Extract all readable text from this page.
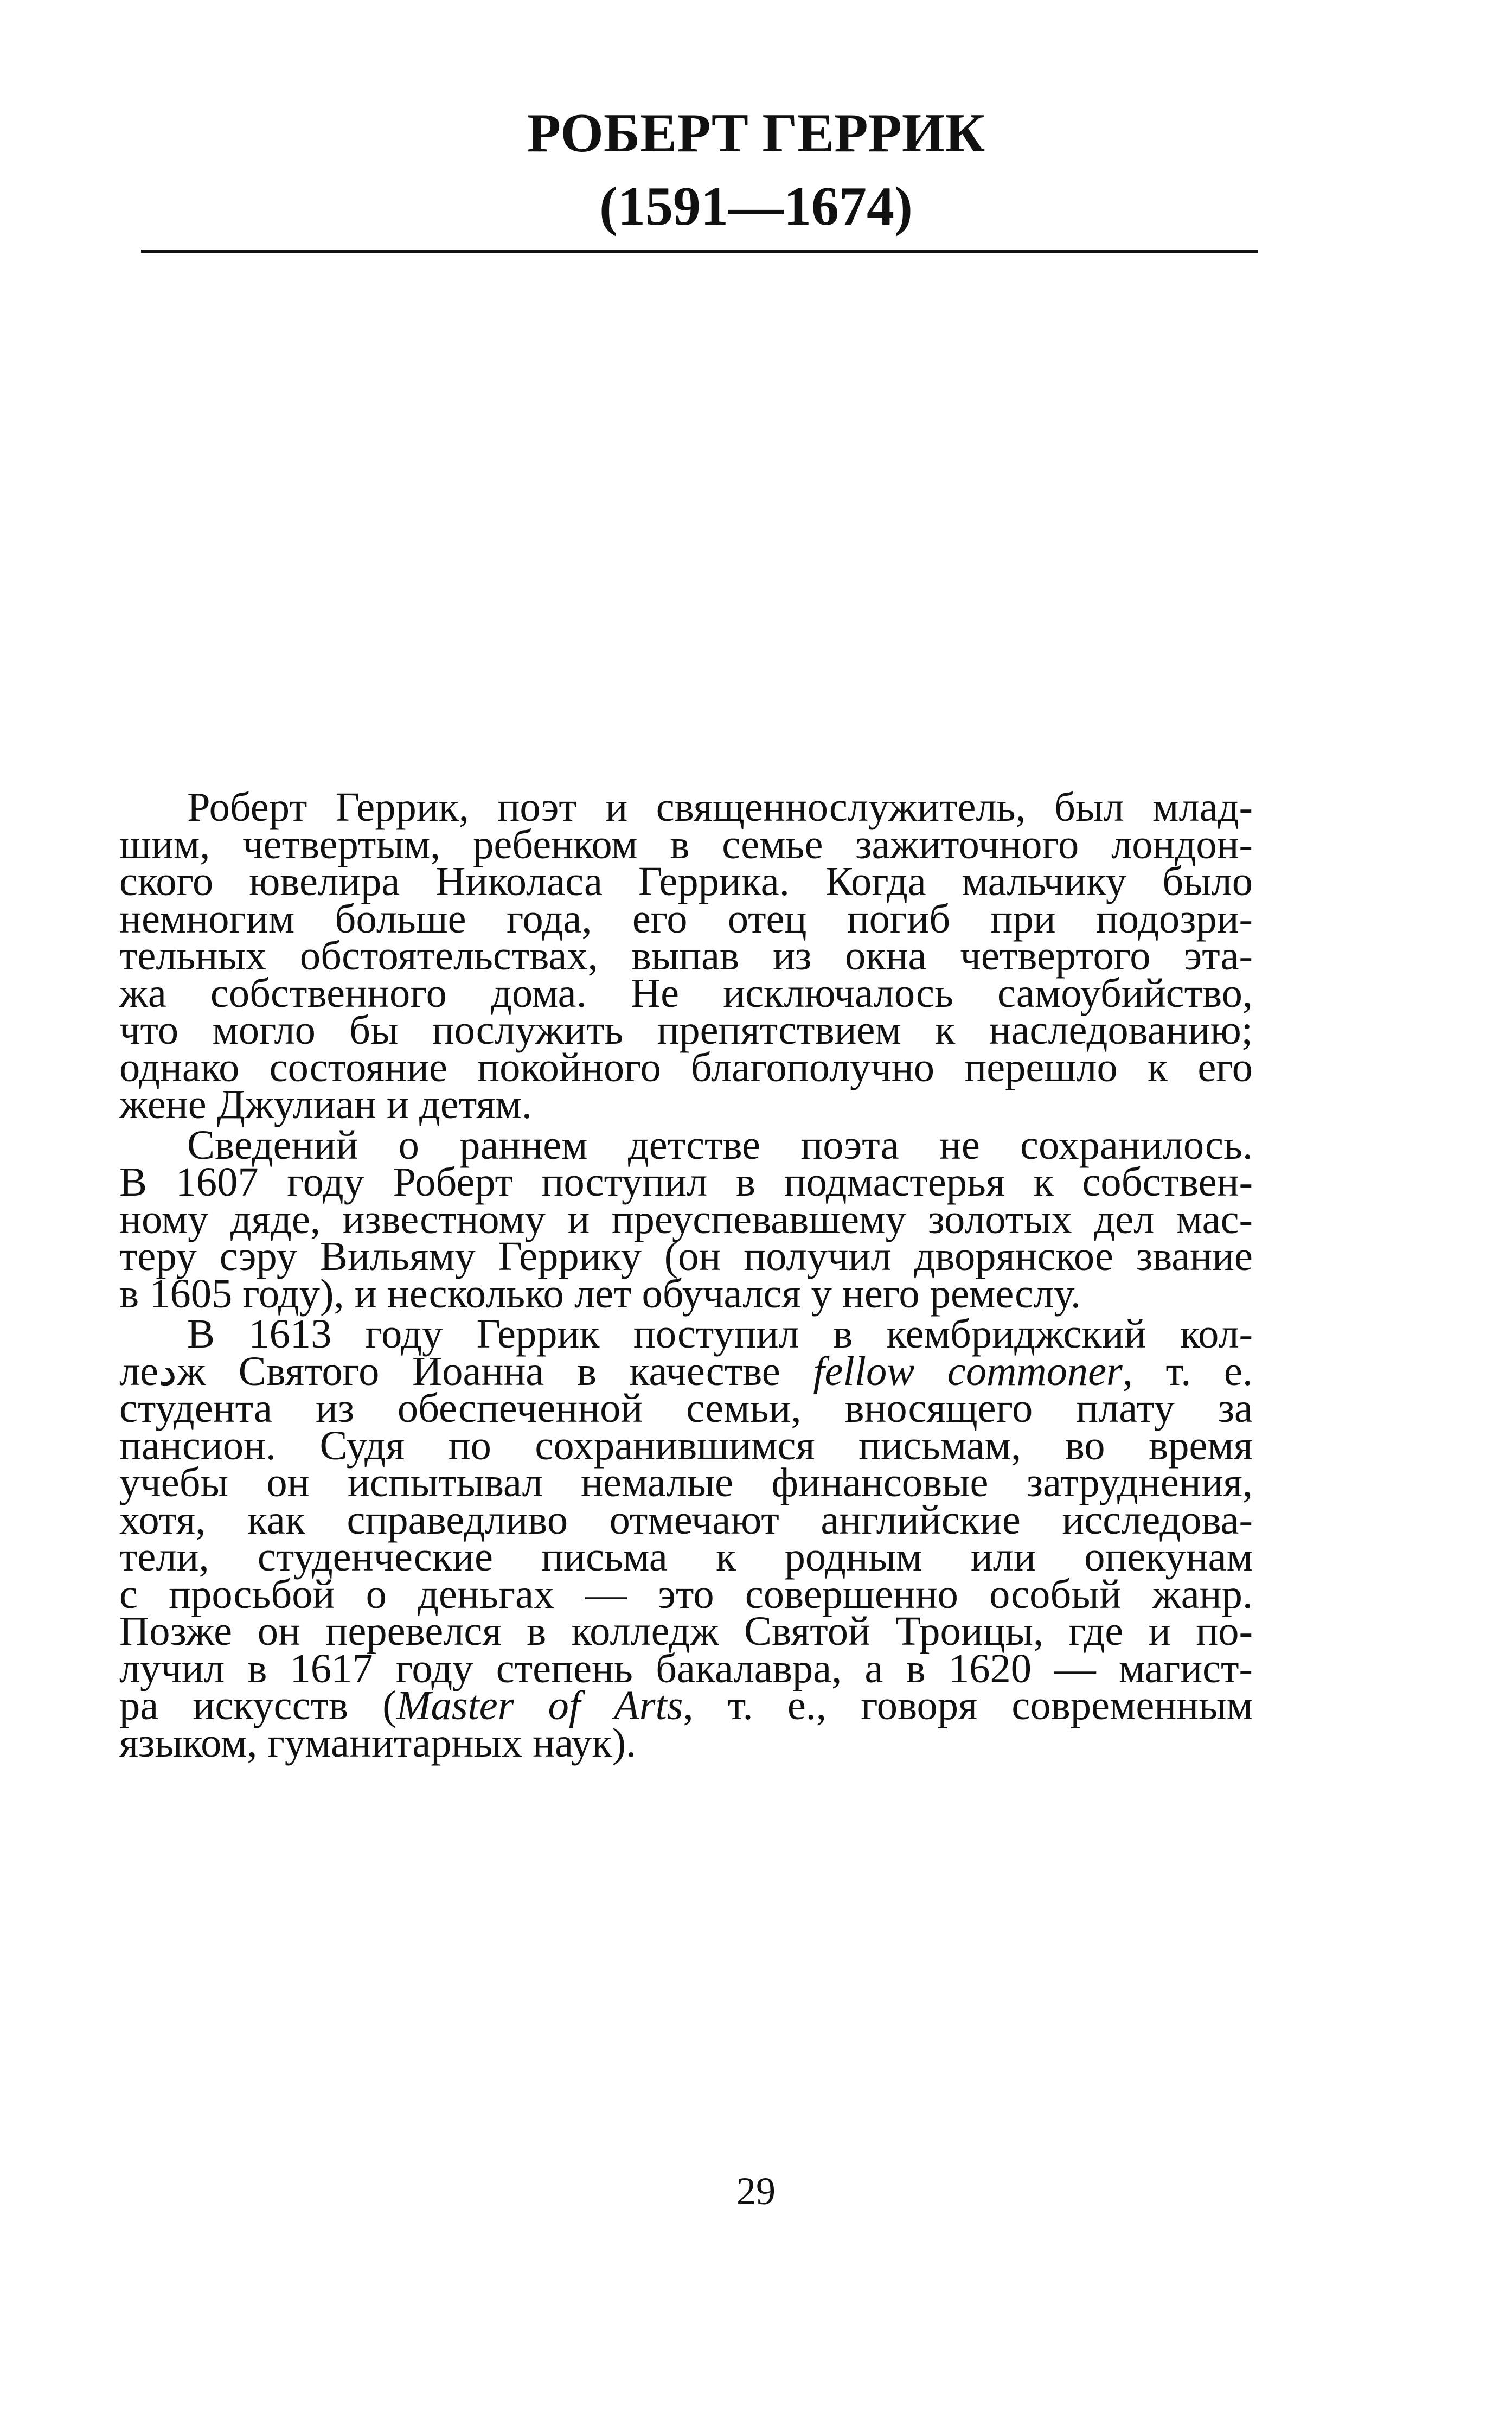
РОБЕРТ ГЕРРИК
(1591—1674)
Роберт Геррик, поэт и священнослужитель, был млад-
шим, четвертым, ребенком в семье зажиточного лондон-
ского ювелира Николаса Геррика. Когда мальчику было
немногим больше года, его отец погиб при подозри-
тельных обстоятельствах, выпав из окна четвертого эта-
жа собственного дома. Не исключалось самоубийство,
что могло бы послужить препятствием к наследованию;
однако состояние покойного благополучно перешло к его
жене Джулиан и детям.
Сведений о раннем детстве поэта не сохранилось.
В 1607 году Роберт поступил в подмастерья к собствен-
ному дяде, известному и преуспевавшему золотых дел мас-
теру сэру Вильяму Геррику (он получил дворянское звание
в 1605 году), и несколько лет обучался у него ремеслу.
В 1613 году Геррик поступил в кембриджский кол-
леدж Святого Иоанна в качестве fellow commoner, т. е.
студента из обеспеченной семьи, вносящего плату за
пансион. Судя по сохранившимся письмам, во время
учебы он испытывал немалые финансовые затруднения,
хотя, как справедливо отмечают английские исследова-
тели, студенческие письма к родным или опекунам
с просьбой о деньгах — это совершенно особый жанр.
Позже он перевелся в колледж Святой Троицы, где и по-
лучил в 1617 году степень бакалавра, а в 1620 — магист-
ра искусств (Master of Arts, т. е., говоря современным
языком, гуманитарных наук).
29
